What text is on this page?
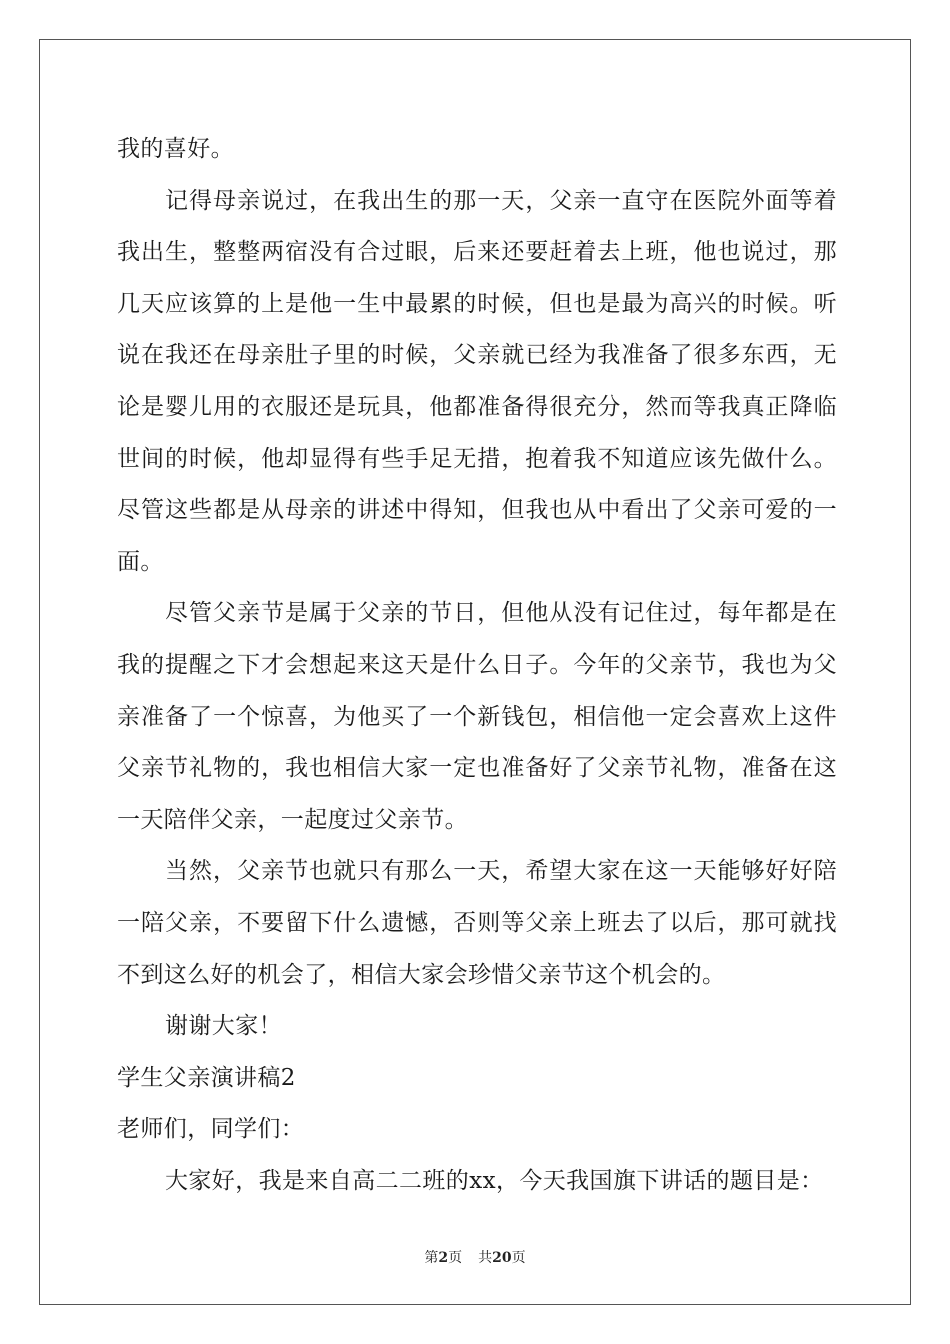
我的喜好。

记得母亲说过，在我出生的那一天，父亲一直守在医院外面等着我出生，整整两宿没有合过眼，后来还要赶着去上班，他也说过，那几天应该算的上是他一生中最累的时候，但也是最为高兴的时候。听说在我还在母亲肚子里的时候，父亲就已经为我准备了很多东西，无论是婴儿用的衣服还是玩具，他都准备得很充分，然而等我真正降临世间的时候，他却显得有些手足无措，抱着我不知道应该先做什么。尽管这些都是从母亲的讲述中得知，但我也从中看出了父亲可爱的一面。

尽管父亲节是属于父亲的节日，但他从没有记住过，每年都是在我的提醒之下才会想起来这天是什么日子。今年的父亲节，我也为父亲准备了一个惊喜，为他买了一个新钱包，相信他一定会喜欢上这件父亲节礼物的，我也相信大家一定也准备好了父亲节礼物，准备在这一天陪伴父亲，一起度过父亲节。

当然，父亲节也就只有那么一天，希望大家在这一天能够好好陪一陪父亲，不要留下什么遗憾，否则等父亲上班去了以后，那可就找不到这么好的机会了，相信大家会珍惜父亲节这个机会的。

谢谢大家！

学生父亲演讲稿2

老师们，同学们：

大家好，我是来自高二二班的xx，今天我国旗下讲话的题目是：

第2页 共20页
